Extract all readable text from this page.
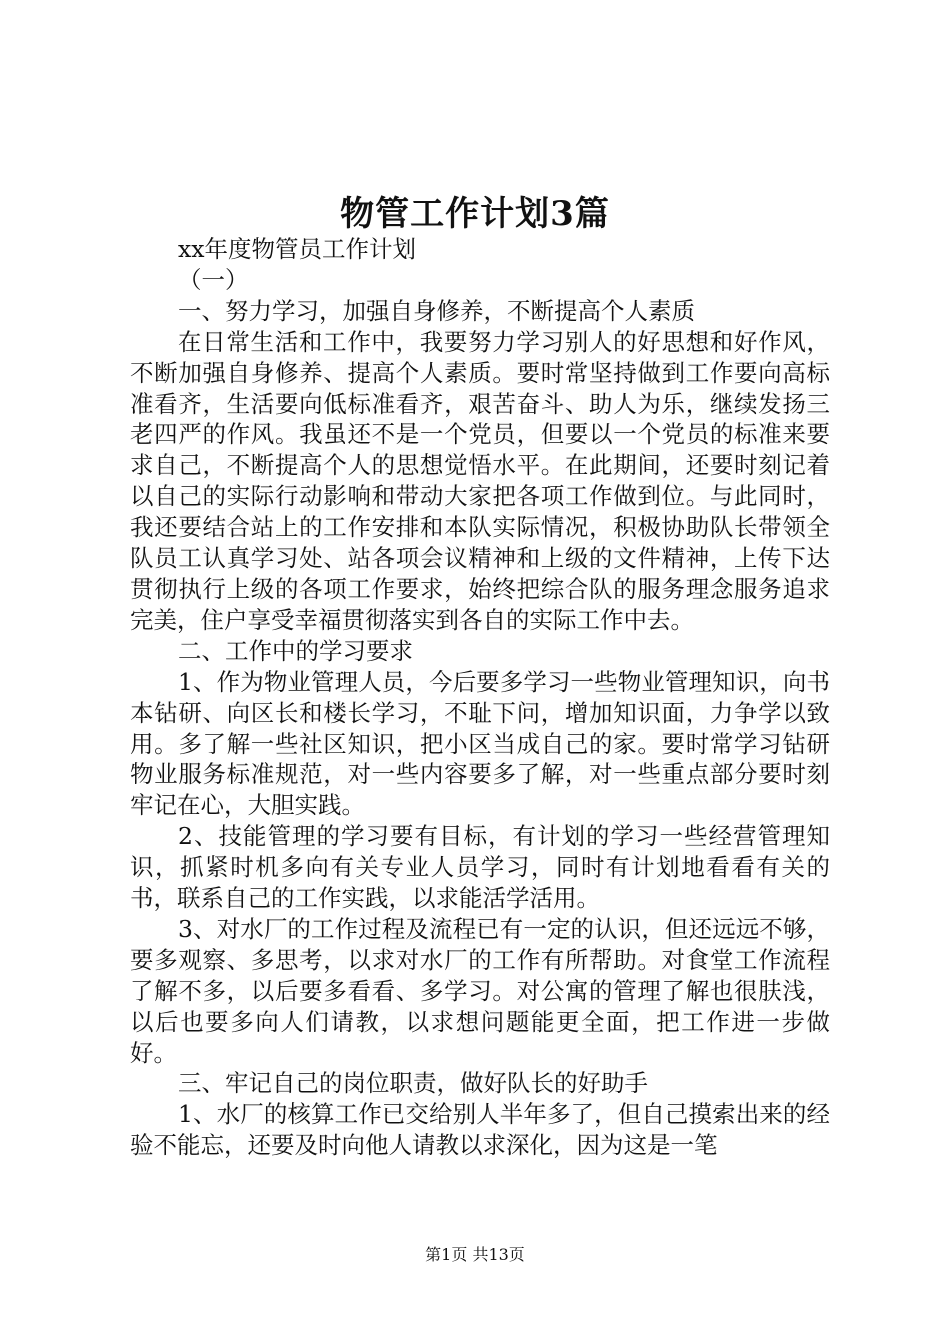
物管工作计划3篇

xx年度物管员工作计划

（一）

一、努力学习，加强自身修养，不断提高个人素质

在日常生活和工作中，我要努力学习别人的好思想和好作风，不断加强自身修养、提高个人素质。要时常坚持做到工作要向高标准看齐，生活要向低标准看齐，艰苦奋斗、助人为乐，继续发扬三老四严的作风。我虽还不是一个党员，但要以一个党员的标准来要求自己，不断提高个人的思想觉悟水平。在此期间，还要时刻记着以自己的实际行动影响和带动大家把各项工作做到位。与此同时，我还要结合站上的工作安排和本队实际情况，积极协助队长带领全队员工认真学习处、站各项会议精神和上级的文件精神，上传下达贯彻执行上级的各项工作要求，始终把综合队的服务理念服务追求完美，住户享受幸福贯彻落实到各自的实际工作中去。

二、工作中的学习要求

1、作为物业管理人员，今后要多学习一些物业管理知识，向书本钻研、向区长和楼长学习，不耻下问，增加知识面，力争学以致用。多了解一些社区知识，把小区当成自己的家。要时常学习钻研物业服务标准规范，对一些内容要多了解，对一些重点部分要时刻牢记在心，大胆实践。

2、技能管理的学习要有目标，有计划的学习一些经营管理知识，抓紧时机多向有关专业人员学习，同时有计划地看看有关的书，联系自己的工作实践，以求能活学活用。

3、对水厂的工作过程及流程已有一定的认识，但还远远不够，要多观察、多思考，以求对水厂的工作有所帮助。对食堂工作流程了解不多，以后要多看看、多学习。对公寓的管理了解也很肤浅，以后也要多向人们请教，以求想问题能更全面，把工作进一步做好。

三、牢记自己的岗位职责，做好队长的好助手

1、水厂的核算工作已交给别人半年多了，但自己摸索出来的经验不能忘，还要及时向他人请教以求深化，因为这是一笔

第1页 共13页
